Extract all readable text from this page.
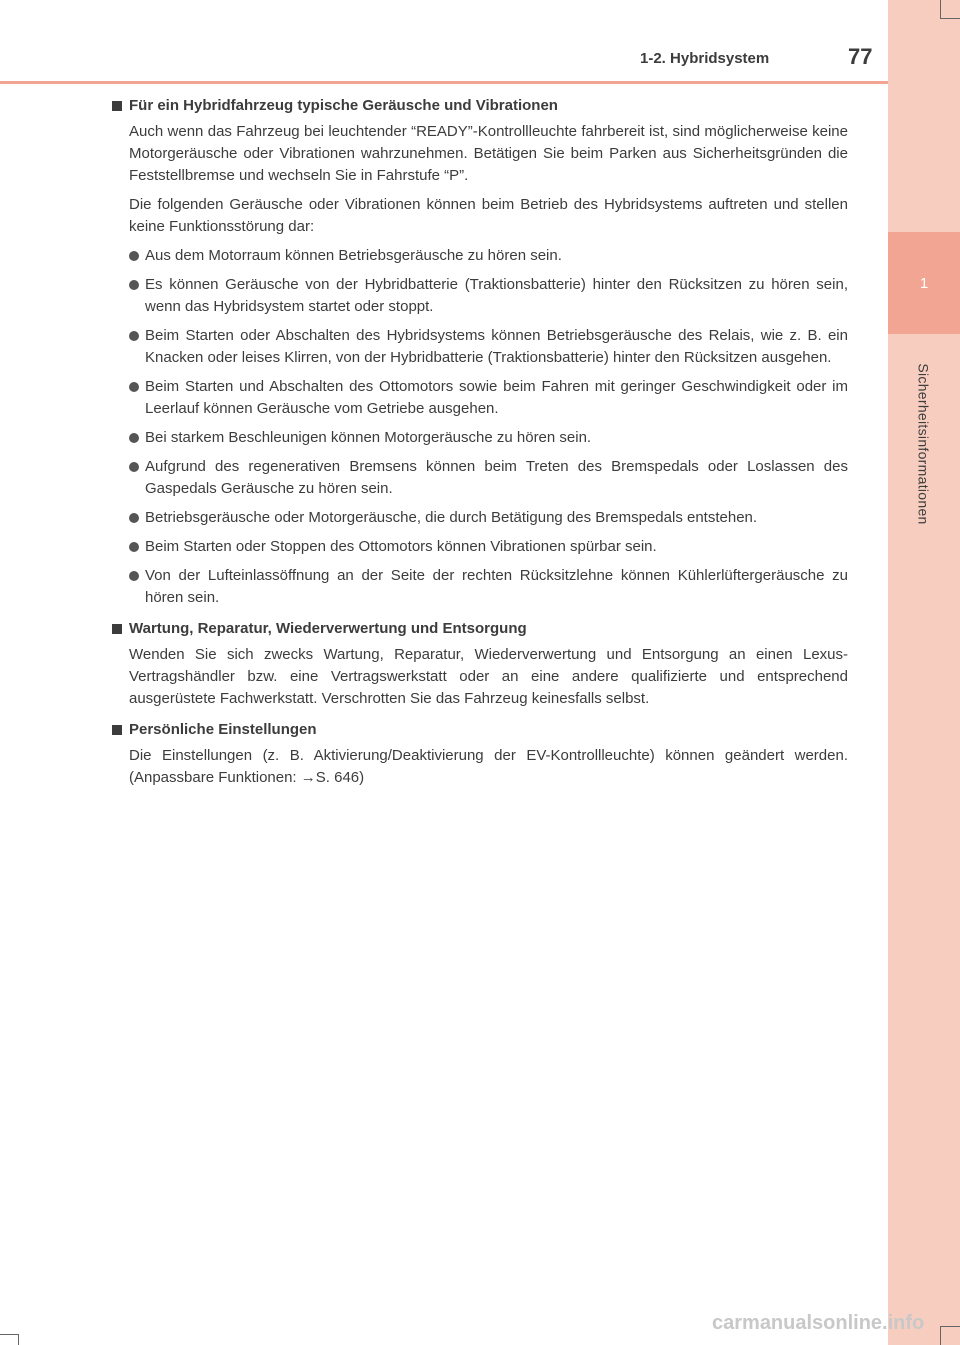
1
Sicherheitsinformationen
1-2. Hybridsystem	77
Für ein Hybridfahrzeug typische Geräusche und Vibrationen
Auch wenn das Fahrzeug bei leuchtender “READY”-Kontrollleuchte fahrbereit ist, sind möglicherweise keine Motorgeräusche oder Vibrationen wahrzunehmen. Betätigen Sie beim Parken aus Sicherheitsgründen die Feststellbremse und wechseln Sie in Fahrstufe “P”.
Die folgenden Geräusche oder Vibrationen können beim Betrieb des Hybridsystems auftreten und stellen keine Funktionsstörung dar:
Aus dem Motorraum können Betriebsgeräusche zu hören sein.
Es können Geräusche von der Hybridbatterie (Traktionsbatterie) hinter den Rücksitzen zu hören sein, wenn das Hybridsystem startet oder stoppt.
Beim Starten oder Abschalten des Hybridsystems können Betriebsgeräusche des Relais, wie z. B. ein Knacken oder leises Klirren, von der Hybridbatterie (Traktionsbatterie) hinter den Rücksitzen ausgehen.
Beim Starten und Abschalten des Ottomotors sowie beim Fahren mit geringer Geschwindigkeit oder im Leerlauf können Geräusche vom Getriebe ausgehen.
Bei starkem Beschleunigen können Motorgeräusche zu hören sein.
Aufgrund des regenerativen Bremsens können beim Treten des Bremspedals oder Loslassen des Gaspedals Geräusche zu hören sein.
Betriebsgeräusche oder Motorgeräusche, die durch Betätigung des Bremspedals entstehen.
Beim Starten oder Stoppen des Ottomotors können Vibrationen spürbar sein.
Von der Lufteinlassöffnung an der Seite der rechten Rücksitzlehne können Kühlerlüftergeräusche zu hören sein.
Wartung, Reparatur, Wiederverwertung und Entsorgung
Wenden Sie sich zwecks Wartung, Reparatur, Wiederverwertung und Entsorgung an einen Lexus-Vertragshändler bzw. eine Vertragswerkstatt oder an eine andere qualifizierte und entsprechend ausgerüstete Fachwerkstatt. Verschrotten Sie das Fahrzeug keinesfalls selbst.
Persönliche Einstellungen
Die Einstellungen (z. B. Aktivierung/Deaktivierung der EV-Kontrollleuchte) können geändert werden. (Anpassbare Funktionen: →S. 646)
carmanualsonline.info
